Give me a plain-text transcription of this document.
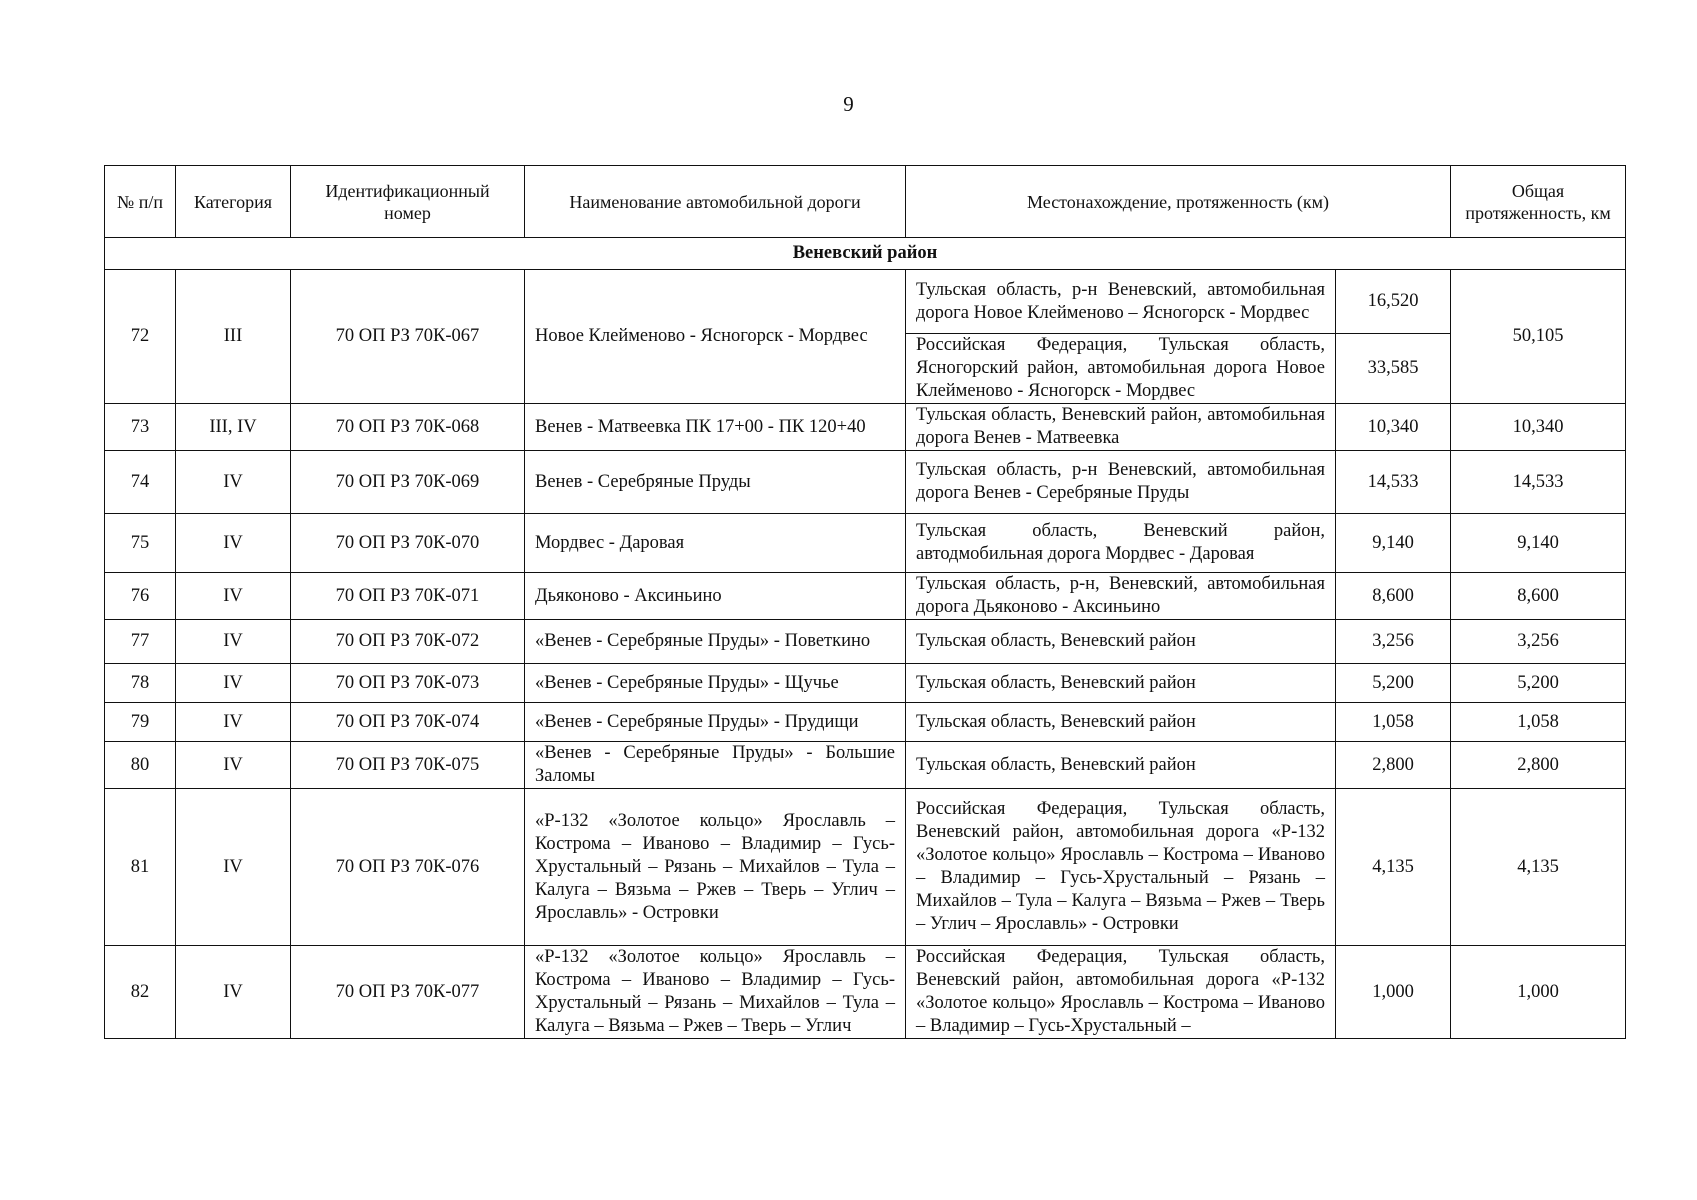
9
№ п/п	Категория	Идентификационный номер	Наименование автомобильной дороги	Местонахождение, протяженность (км)		Общая протяженность, км
Веневский район						
72	III	70 ОП РЗ 70К-067	Новое Клейменово - Ясногорск - Мордвес	Тульская область, р-н Веневский, автомобильная дорога Новое Клейменово – Ясногорск - Мордвес	16,520	50,105
				Российская Федерация, Тульская область, Ясногорский район, автомобильная дорога Новое Клейменово - Ясногорск - Мордвес	33,585	
73	III, IV	70 ОП РЗ 70К-068	Венев - Матвеевка ПК 17+00 - ПК 120+40	Тульская область, Веневский район, автомобильная дорога Венев - Матвеевка	10,340	10,340
74	IV	70 ОП РЗ 70К-069	Венев - Серебряные Пруды	Тульская область, р-н Веневский, автомобильная дорога Венев - Серебряные Пруды	14,533	14,533
75	IV	70 ОП РЗ 70К-070	Мордвес - Даровая	Тульская область, Веневский район, автодмобильная дорога Мордвес - Даровая	9,140	9,140
76	IV	70 ОП РЗ 70К-071	Дьяконово - Аксиньино	Тульская область, р-н, Веневский, автомобильная дорога Дьяконово - Аксиньино	8,600	8,600
77	IV	70 ОП РЗ 70К-072	«Венев - Серебряные Пруды» - Поветкино	Тульская область, Веневский район	3,256	3,256
78	IV	70 ОП РЗ 70К-073	«Венев - Серебряные Пруды» - Щучье	Тульская область, Веневский район	5,200	5,200
79	IV	70 ОП РЗ 70К-074	«Венев - Серебряные Пруды» - Прудищи	Тульская область, Веневский район	1,058	1,058
80	IV	70 ОП РЗ 70К-075	«Венев - Серебряные Пруды» - Большие Заломы	Тульская область, Веневский район	2,800	2,800
81	IV	70 ОП РЗ 70К-076	«Р-132 «Золотое кольцо» Ярославль – Кострома – Иваново – Владимир – Гусь-Хрустальный – Рязань – Михайлов – Тула – Калуга – Вязьма – Ржев – Тверь – Углич – Ярославль» - Островки	Российская Федерация, Тульская область, Веневский район, автомобильная дорога «Р-132 «Золотое кольцо» Ярославль – Кострома – Иваново – Владимир – Гусь-Хрустальный – Рязань – Михайлов – Тула – Калуга – Вязьма – Ржев – Тверь – Углич – Ярославль» - Островки	4,135	4,135
82	IV	70 ОП РЗ 70К-077	«Р-132 «Золотое кольцо» Ярославль – Кострома – Иваново – Владимир – Гусь-Хрустальный – Рязань – Михайлов – Тула – Калуга – Вязьма – Ржев – Тверь – Углич	Российская Федерация, Тульская область, Веневский район, автомобильная дорога «Р-132 «Золотое кольцо» Ярославль – Кострома – Иваново – Владимир – Гусь-Хрустальный –	1,000	1,000
